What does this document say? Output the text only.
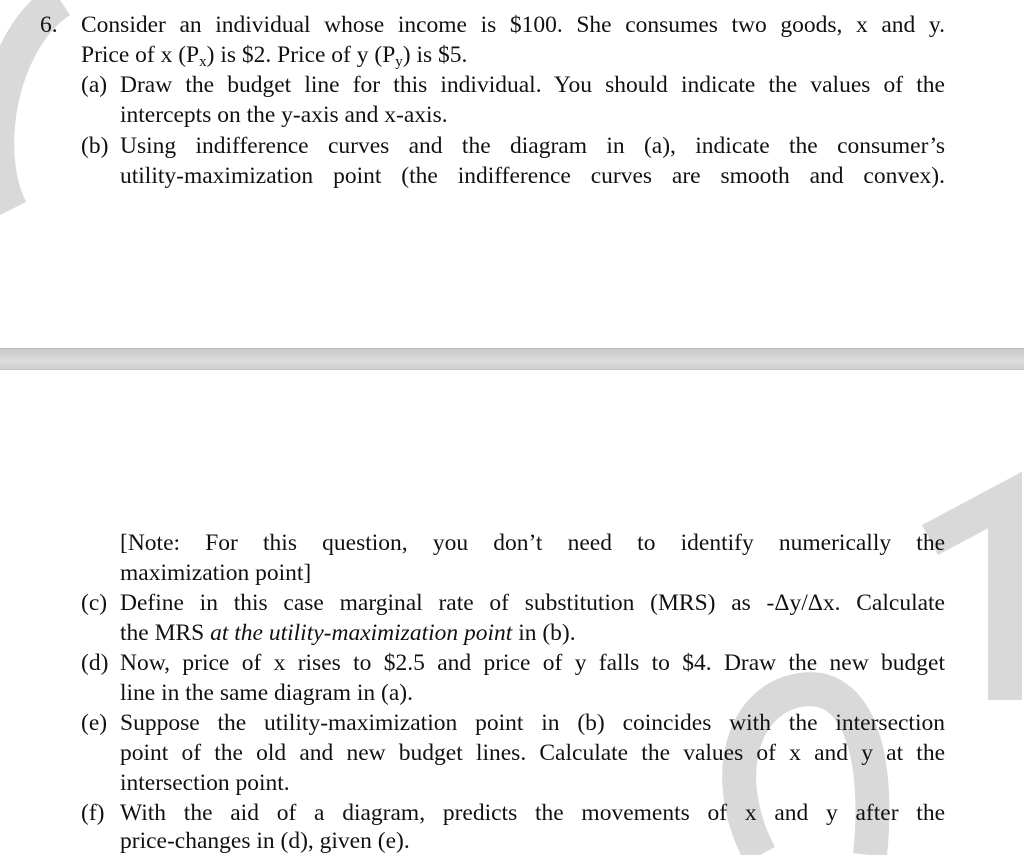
6. Consider an individual whose income is $100. She consumes two goods, x and y.
Price of x $(P_x)$ is $2. Price of y $(P_y)$ is $5.
(a) Draw the budget line for this individual. You should indicate the values of the
intercepts on the y-axis and x-axis.
(b) Using indifference curves and the diagram in (a), indicate the consumer’s
utility-maximization point (the indifference curves are smooth and convex).
[Note: For this question, you don’t need to identify numerically the
maximization point]
(c) Define in this case marginal rate of substitution (MRS) as -Δy/Δx. Calculate
the MRS at the utility-maximization point in (b).
(d) Now, price of x rises to $2.5 and price of y falls to $4. Draw the new budget
line in the same diagram in (a).
(e) Suppose the utility-maximization point in (b) coincides with the intersection
point of the old and new budget lines. Calculate the values of x and y at the
intersection point.
(f) With the aid of a diagram, predicts the movements of x and y after the
price-changes in (d), given (e).
